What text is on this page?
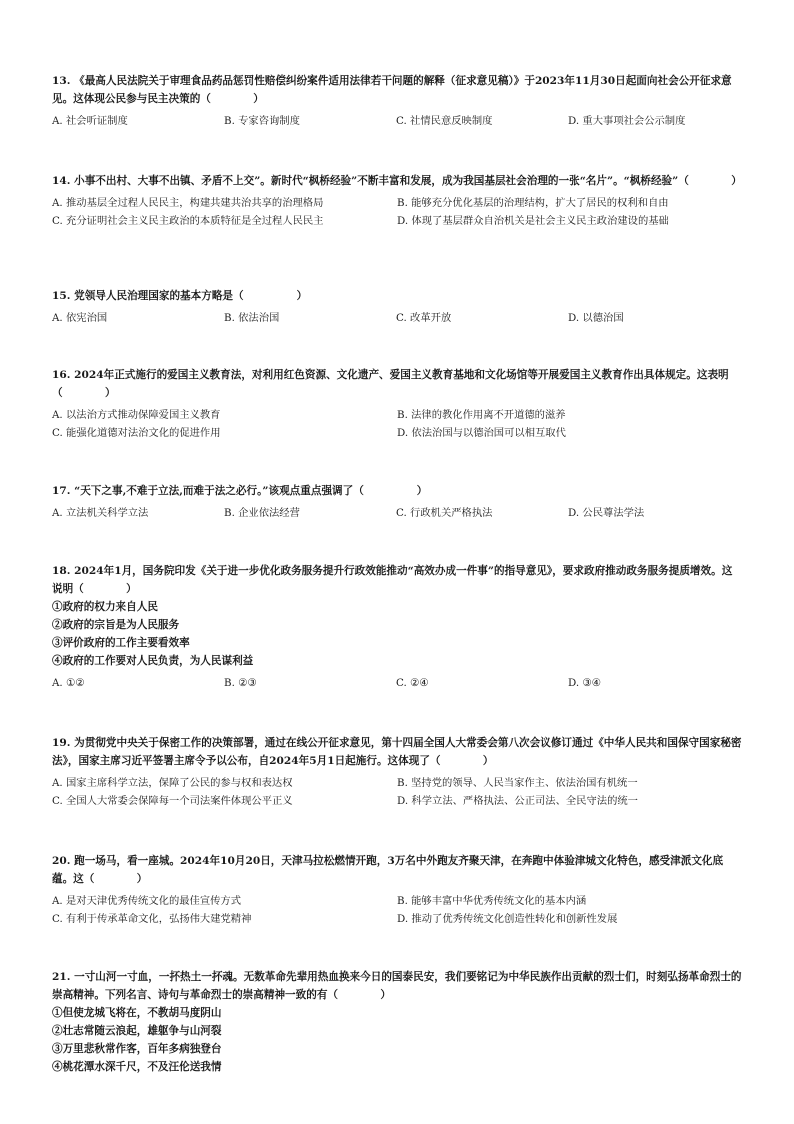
13. 《最高人民法院关于审理食品药品惩罚性赔偿纠纷案件适用法律若干问题的解释（征求意见稿）》于2023年11月30日起面向社会公开征求意见。这体现公民参与民主决策的（　　　　）

A. 社会听证制度	B. 专家咨询制度	C. 社情民意反映制度	D. 重大事项社会公示制度

14. 小事不出村、大事不出镇、矛盾不上交”。新时代“枫桥经验”不断丰富和发展，成为我国基层社会治理的一张“名片”。“枫桥经验”（　　　　）

A. 推动基层全过程人民民主，构建共建共治共享的治理格局	B. 能够充分优化基层的治理结构，扩大了居民的权利和自由
C. 充分证明社会主义民主政治的本质特征是全过程人民民主	D. 体现了基层群众自治机关是社会主义民主政治建设的基础

15. 党领导人民治理国家的基本方略是（　　　　　）

A. 依宪治国	B. 依法治国	C. 改革开放	D. 以德治国

16. 2024年正式施行的爱国主义教育法，对利用红色资源、文化遗产、爱国主义教育基地和文化场馆等开展爱国主义教育作出具体规定。这表明（　　　　）

A. 以法治方式推动保障爱国主义教育	B. 法律的教化作用离不开道德的滋养
C. 能强化道德对法治文化的促进作用	D. 依法治国与以德治国可以相互取代

17. “天下之事,不难于立法,而难于法之必行。”该观点重点强调了（　　　　　）

A. 立法机关科学立法	B. 企业依法经营	C. 行政机关严格执法	D. 公民尊法学法

18. 2024年1月，国务院印发《关于进一步优化政务服务提升行政效能推动“高效办成一件事”的指导意见》，要求政府推动政务服务提质增效。这说明（　　　　）

①政府的权力来自人民
②政府的宗旨是为人民服务
③评价政府的工作主要看效率
④政府的工作要对人民负责，为人民谋利益
A. ①②	B. ②③	C. ②④	D. ③④

19. 为贯彻党中央关于保密工作的决策部署，通过在线公开征求意见，第十四届全国人大常委会第八次会议修订通过《中华人民共和国保守国家秘密法》，国家主席习近平签署主席令予以公布，自2024年5月1日起施行。这体现了（　　　　）

A. 国家主席科学立法，保障了公民的参与权和表达权	B. 坚持党的领导、人民当家作主、依法治国有机统一
C. 全国人大常委会保障每一个司法案件体现公平正义	D. 科学立法、严格执法、公正司法、全民守法的统一

20. 跑一场马，看一座城。2024年10月20日，天津马拉松燃情开跑，3万名中外跑友齐聚天津，在奔跑中体验津城文化特色，感受津派文化底蕴。这（　　　　）

A. 是对天津优秀传统文化的最佳宣传方式	B. 能够丰富中华优秀传统文化的基本内涵
C. 有利于传承革命文化，弘扬伟大建党精神	D. 推动了优秀传统文化创造性转化和创新性发展

21. 一寸山河一寸血，一抔热土一抔魂。无数革命先辈用热血换来今日的国泰民安，我们要铭记为中华民族作出贡献的烈士们，时刻弘扬革命烈士的崇高精神。下列名言、诗句与革命烈士的崇高精神一致的有（　　　　）

①但使龙城飞将在，不教胡马度阴山
②壮志常随云浪起，雄躯争与山河裂
③万里悲秋常作客，百年多病独登台
④桃花潭水深千尺，不及汪伦送我情
